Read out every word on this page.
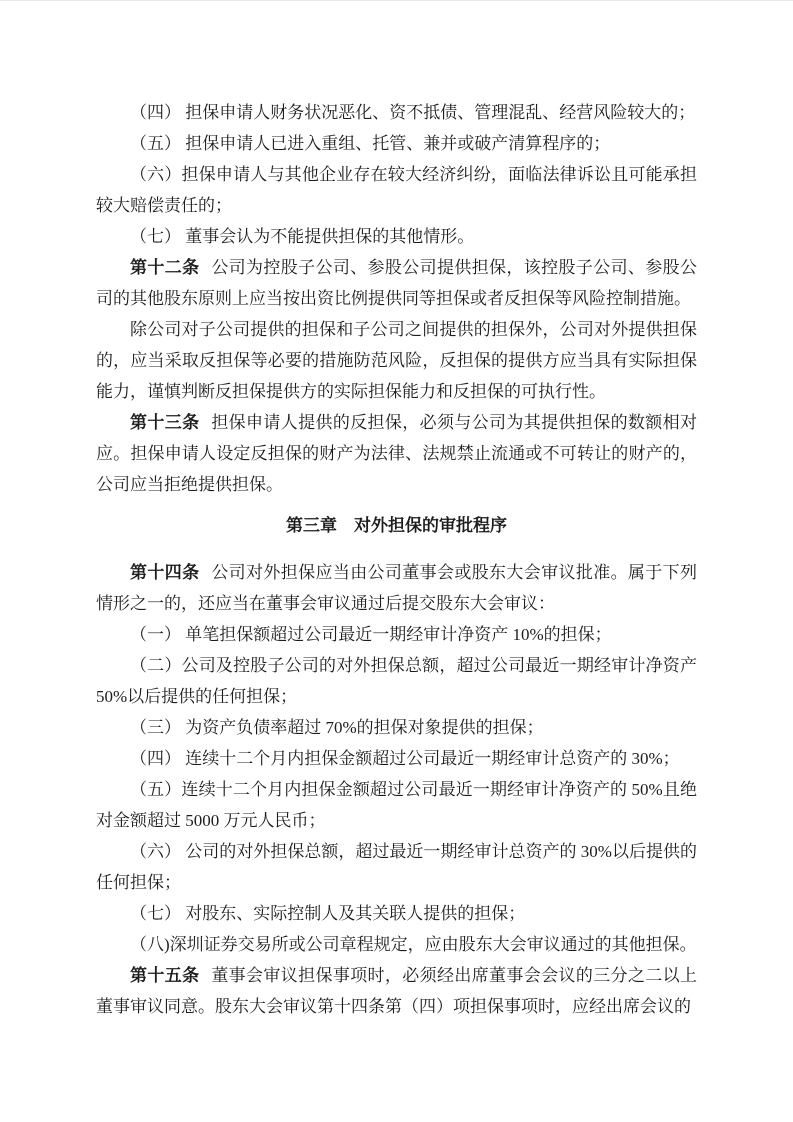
（四） 担保申请人财务状况恶化、资不抵债、管理混乱、经营风险较大的；

（五） 担保申请人已进入重组、托管、兼并或破产清算程序的；

（六）担保申请人与其他企业存在较大经济纠纷，面临法律诉讼且可能承担较大赔偿责任的；

（七） 董事会认为不能提供担保的其他情形。

第十二条 公司为控股子公司、参股公司提供担保，该控股子公司、参股公司的其他股东原则上应当按出资比例提供同等担保或者反担保等风险控制措施。

除公司对子公司提供的担保和子公司之间提供的担保外，公司对外提供担保的，应当采取反担保等必要的措施防范风险，反担保的提供方应当具有实际担保能力，谨慎判断反担保提供方的实际担保能力和反担保的可执行性。

第十三条 担保申请人提供的反担保，必须与公司为其提供担保的数额相对应。担保申请人设定反担保的财产为法律、法规禁止流通或不可转让的财产的，公司应当拒绝提供担保。

第三章 对外担保的审批程序

第十四条 公司对外担保应当由公司董事会或股东大会审议批准。属于下列情形之一的，还应当在董事会审议通过后提交股东大会审议：

（一） 单笔担保额超过公司最近一期经审计净资产 10%的担保；

（二）公司及控股子公司的对外担保总额，超过公司最近一期经审计净资产 50%以后提供的任何担保；

（三） 为资产负债率超过 70%的担保对象提供的担保；

（四） 连续十二个月内担保金额超过公司最近一期经审计总资产的 30%；

（五）连续十二个月内担保金额超过公司最近一期经审计净资产的 50%且绝对金额超过 5000 万元人民币；

（六） 公司的对外担保总额，超过最近一期经审计总资产的 30%以后提供的任何担保；

（七） 对股东、实际控制人及其关联人提供的担保；

（八)深圳证券交易所或公司章程规定，应由股东大会审议通过的其他担保。

第十五条 董事会审议担保事项时，必须经出席董事会会议的三分之二以上董事审议同意。股东大会审议第十四条第（四）项担保事项时，应经出席会议的
